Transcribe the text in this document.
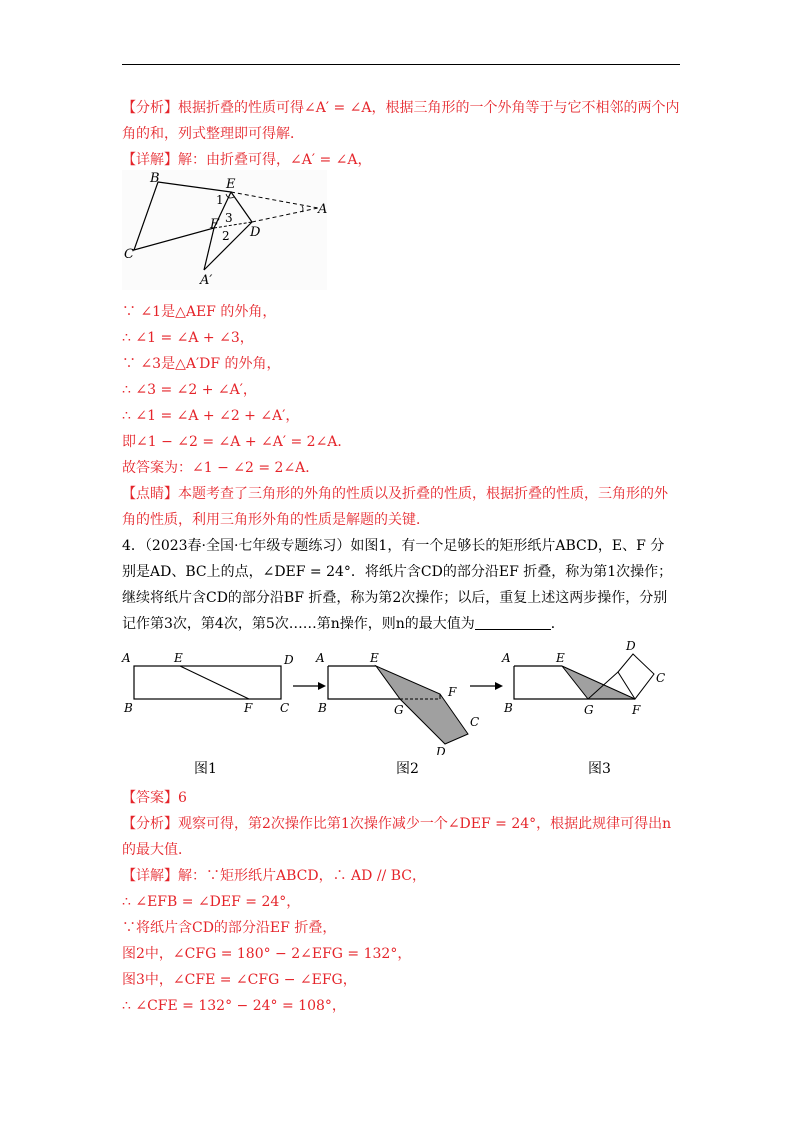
【分析】根据折叠的性质可得∠A′ = ∠A，根据三角形的一个外角等于与它不相邻的两个内
角的和，列式整理即可得解．
【详解】解：由折叠可得，∠A′ = ∠A，
B	E
A
C
D
F
A′
1
3
2
∵ ∠1是△AEF 的外角，
∴ ∠1 = ∠A + ∠3，
∵ ∠3是△A′DF 的外角，
∴ ∠3 = ∠2 + ∠A′，
∴ ∠1 = ∠A + ∠2 + ∠A′，
即∠1 − ∠2 = ∠A + ∠A′ = 2∠A．
故答案为：∠1 − ∠2 = 2∠A．
【点睛】本题考查了三角形的外角的性质以及折叠的性质，根据折叠的性质，三角形的外
角的性质，利用三角形外角的性质是解题的关键．
4．（2023春·全国·七年级专题练习）如图1，有一个足够长的矩形纸片ABCD，E、F 分
别是AD、BC上的点，∠DEF = 24°．将纸片含CD的部分沿EF 折叠，称为第1次操作；
继续将纸片含CD的部分沿BF 折叠，称为第2次操作；以后，重复上述这两步操作，分别
记作第3次，第4次，第5次……第n操作，则n的最大值为	．
A	E	D
B	F C
A	E
F
B	G
C
D
A	E
D
C
B	G	F
图1	图2	图3
【答案】6
【分析】观察可得，第2次操作比第1次操作减少一个∠DEF = 24°，根据此规律可得出n
的最大值．
【详解】解：∵矩形纸片ABCD，∴ AD // BC，
∴ ∠EFB = ∠DEF = 24°，
∵将纸片含CD的部分沿EF 折叠，
图2中，∠CFG = 180° − 2∠EFG = 132°，
图3中，∠CFE = ∠CFG − ∠EFG，
∴ ∠CFE = 132° − 24° = 108°，
